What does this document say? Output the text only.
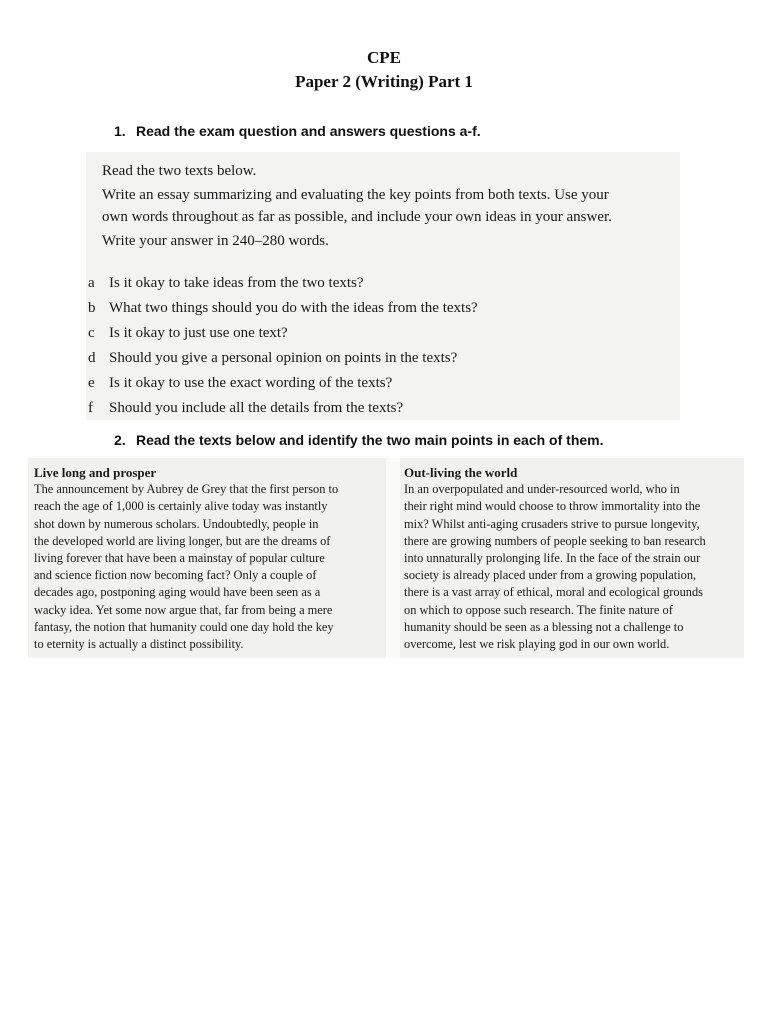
CPE
Paper 2 (Writing) Part 1
1. Read the exam question and answers questions a-f.

Read the two texts below.

Write an essay summarizing and evaluating the key points from both texts. Use your

own words throughout as far as possible, and include your own ideas in your answer.

Write your answer in 240–280 words.

a Is it okay to take ideas from the two texts?
b What two things should you do with the ideas from the texts?
c Is it okay to just use one text?
d Should you give a personal opinion on points in the texts?
e Is it okay to use the exact wording of the texts?
f Should you include all the details from the texts?
2. Read the texts below and identify the two main points in each of them.
Live long and prosper
The announcement by Aubrey de Grey that the first person to
reach the age of 1,000 is certainly alive today was instantly
shot down by numerous scholars. Undoubtedly, people in
the developed world are living longer, but are the dreams of
living forever that have been a mainstay of popular culture
and science fiction now becoming fact? Only a couple of
decades ago, postponing aging would have been seen as a
wacky idea. Yet some now argue that, far from being a mere
fantasy, the notion that humanity could one day hold the key
to eternity is actually a distinct possibility.
Out-living the world
In an overpopulated and under-resourced world, who in
their right mind would choose to throw immortality into the
mix? Whilst anti-aging crusaders strive to pursue longevity,
there are growing numbers of people seeking to ban research
into unnaturally prolonging life. In the face of the strain our
society is already placed under from a growing population,
there is a vast array of ethical, moral and ecological grounds
on which to oppose such research. The finite nature of
humanity should be seen as a blessing not a challenge to
overcome, lest we risk playing god in our own world.
